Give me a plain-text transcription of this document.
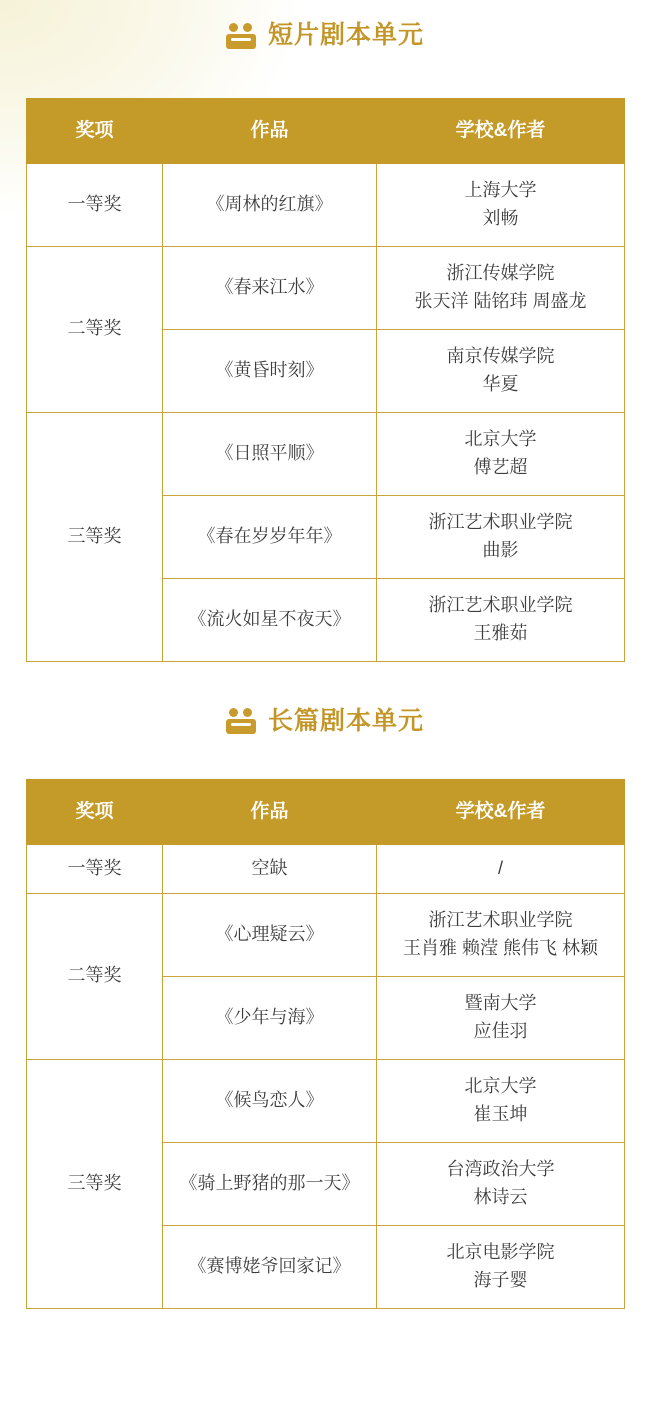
短片剧本单元
奖项	作品	学校&作者
一等奖	《周林的红旗》	上海大学
刘畅

二等奖	《春来江水》	浙江传媒学院
张天洋 陆铭玮 周盛龙

	《黄昏时刻》	南京传媒学院
华夏

三等奖	《日照平顺》	北京大学
傅艺超

	《春在岁岁年年》	浙江艺术职业学院
曲影

	《流火如星不夜天》	浙江艺术职业学院
王雅茹
长篇剧本单元
奖项	作品	学校&作者
一等奖	空缺	/

二等奖	《心理疑云》	浙江艺术职业学院
王肖雅 赖滢 熊伟飞 林颖

	《少年与海》	暨南大学
应佳羽

三等奖	《候鸟恋人》	北京大学
崔玉坤

	《骑上野猪的那一天》	台湾政治大学
林诗云

	《赛博姥爷回家记》	北京电影学院
海子婴
